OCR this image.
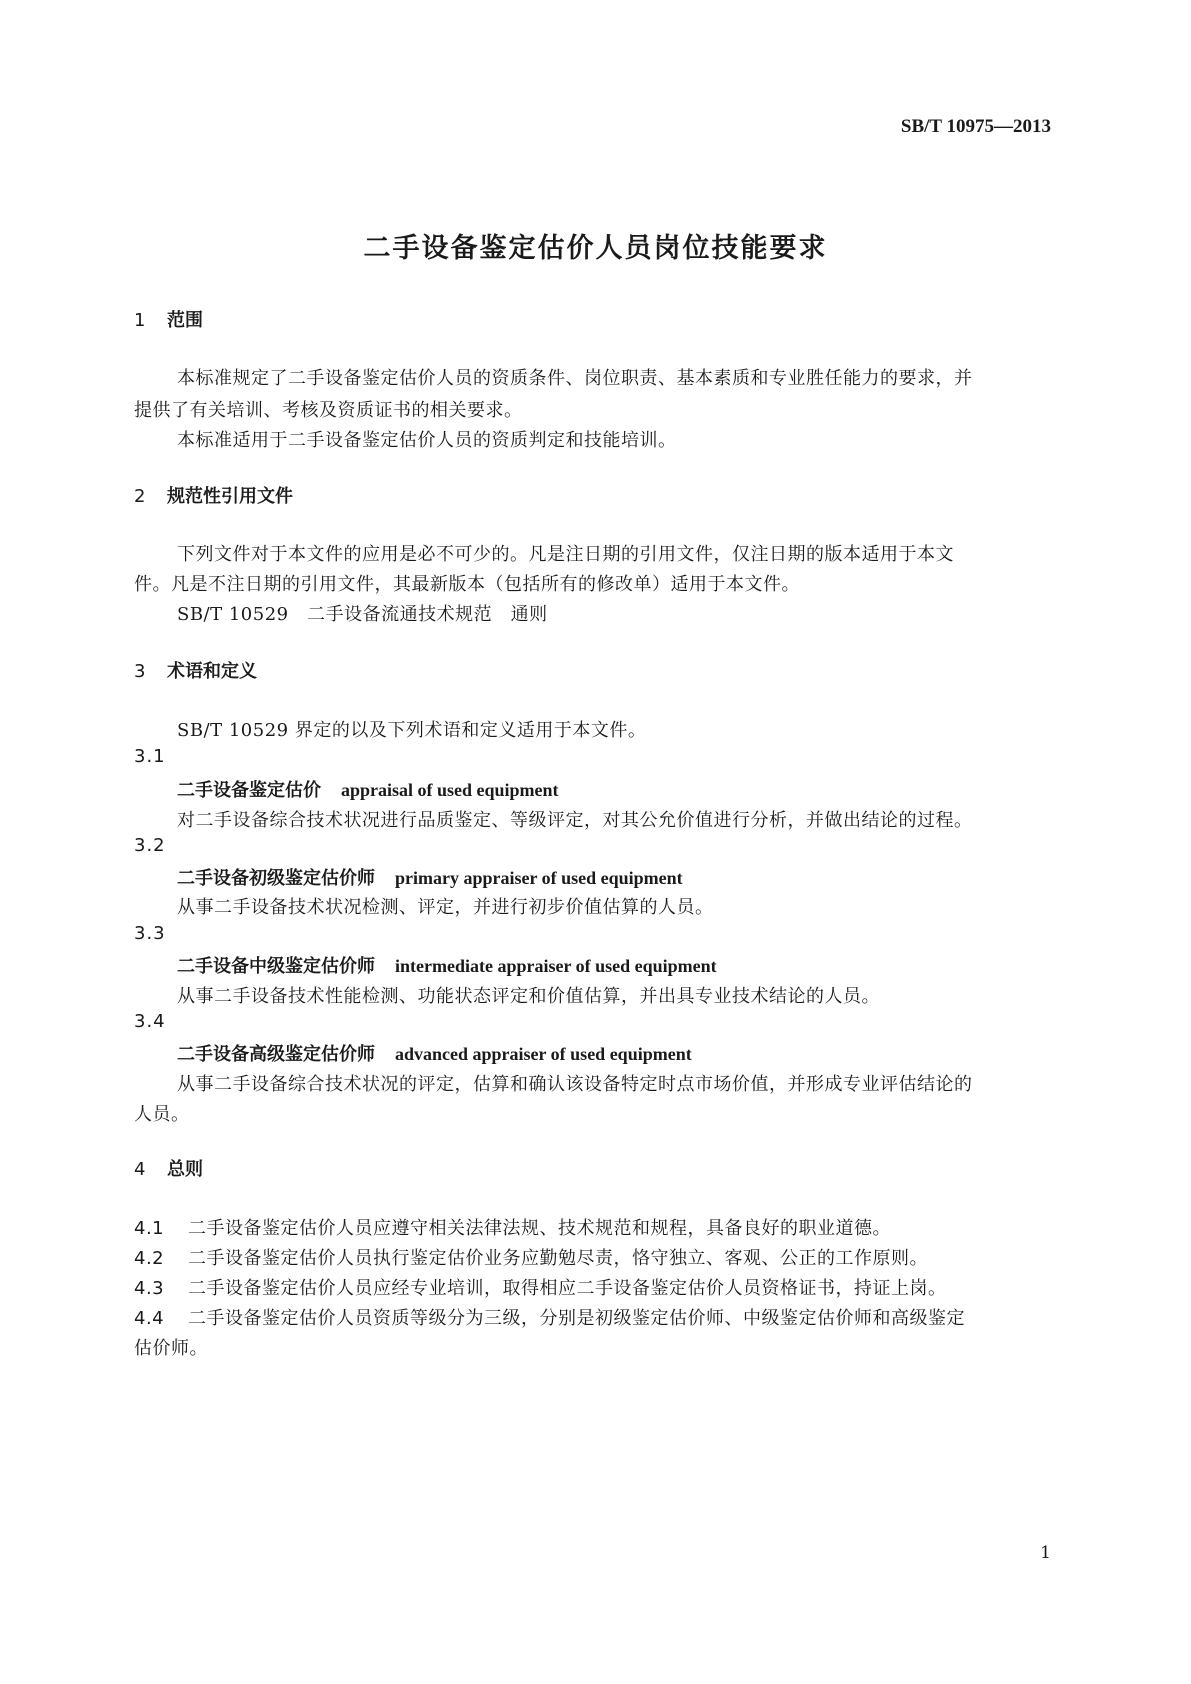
SB/T 10975—2013
二手设备鉴定估价人员岗位技能要求
1 范围
本标准规定了二手设备鉴定估价人员的资质条件、岗位职责、基本素质和专业胜任能力的要求，并
提供了有关培训、考核及资质证书的相关要求。
本标准适用于二手设备鉴定估价人员的资质判定和技能培训。
2 规范性引用文件
下列文件对于本文件的应用是必不可少的。凡是注日期的引用文件，仅注日期的版本适用于本文
件。凡是不注日期的引用文件，其最新版本（包括所有的修改单）适用于本文件。
SB/T 10529　二手设备流通技术规范　通则
3 术语和定义
SB/T 10529 界定的以及下列术语和定义适用于本文件。
3.1
二手设备鉴定估价 appraisal of used equipment
对二手设备综合技术状况进行品质鉴定、等级评定，对其公允价值进行分析，并做出结论的过程。
3.2
二手设备初级鉴定估价师 primary appraiser of used equipment
从事二手设备技术状况检测、评定，并进行初步价值估算的人员。
3.3
二手设备中级鉴定估价师 intermediate appraiser of used equipment
从事二手设备技术性能检测、功能状态评定和价值估算，并出具专业技术结论的人员。
3.4
二手设备高级鉴定估价师 advanced appraiser of used equipment
从事二手设备综合技术状况的评定，估算和确认该设备特定时点市场价值，并形成专业评估结论的
人员。
4 总则
4.1 二手设备鉴定估价人员应遵守相关法律法规、技术规范和规程，具备良好的职业道德。
4.2 二手设备鉴定估价人员执行鉴定估价业务应勤勉尽责，恪守独立、客观、公正的工作原则。
4.3 二手设备鉴定估价人员应经专业培训，取得相应二手设备鉴定估价人员资格证书，持证上岗。
4.4 二手设备鉴定估价人员资质等级分为三级，分别是初级鉴定估价师、中级鉴定估价师和高级鉴定
估价师。
1
